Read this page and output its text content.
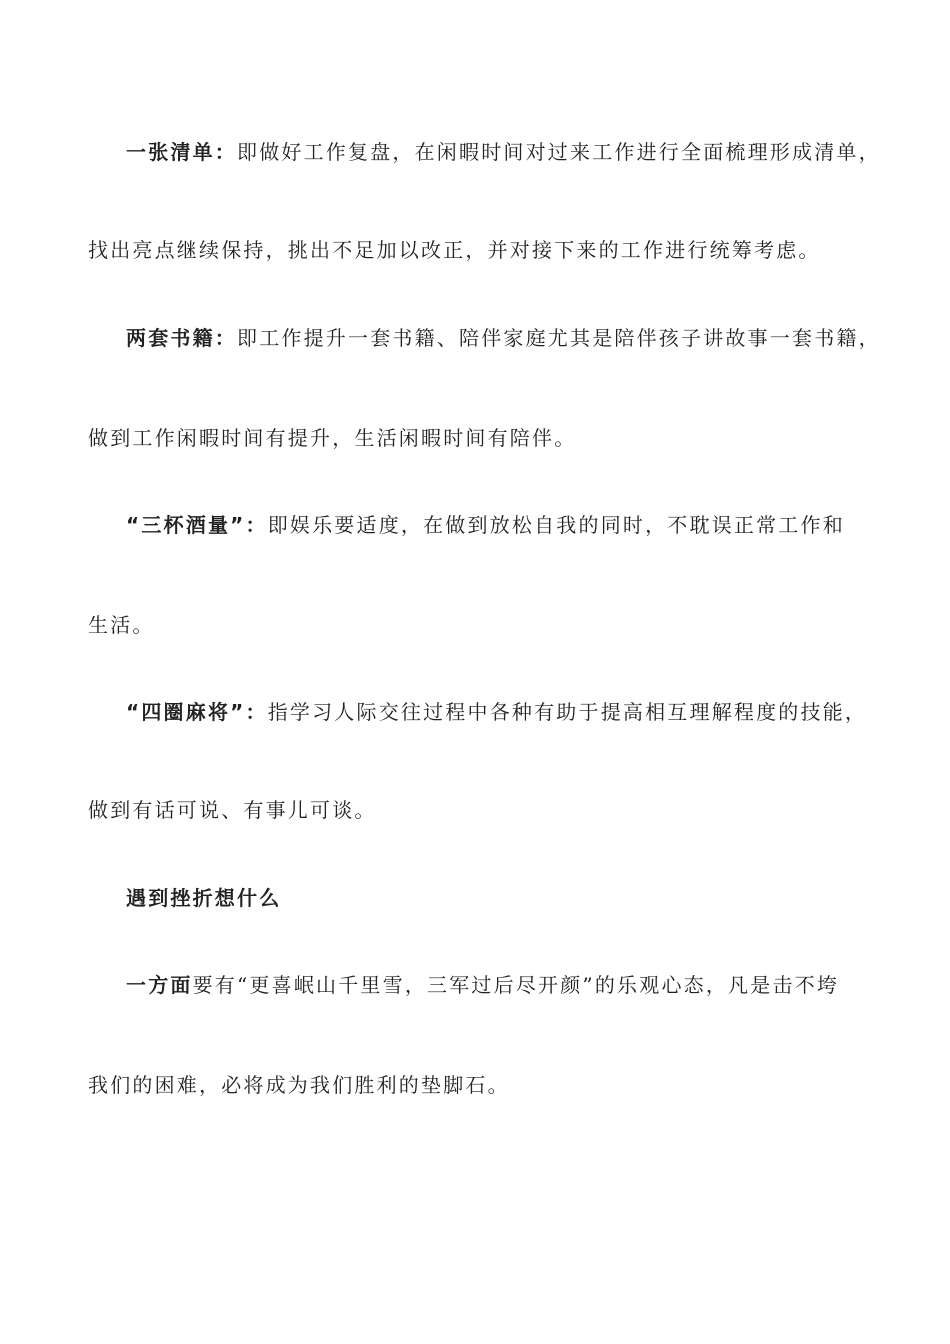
一张清单：即做好工作复盘，在闲暇时间对过来工作进行全面梳理形成清单，
找出亮点继续保持，挑出不足加以改正，并对接下来的工作进行统筹考虑。
两套书籍：即工作提升一套书籍、陪伴家庭尤其是陪伴孩子讲故事一套书籍，
做到工作闲暇时间有提升，生活闲暇时间有陪伴。
“三杯酒量”：即娱乐要适度，在做到放松自我的同时，不耽误正常工作和
生活。
“四圈麻将”：指学习人际交往过程中各种有助于提高相互理解程度的技能，
做到有话可说、有事儿可谈。
遇到挫折想什么
一方面要有“更喜岷山千里雪，三军过后尽开颜”的乐观心态，凡是击不垮
我们的困难，必将成为我们胜利的垫脚石。
